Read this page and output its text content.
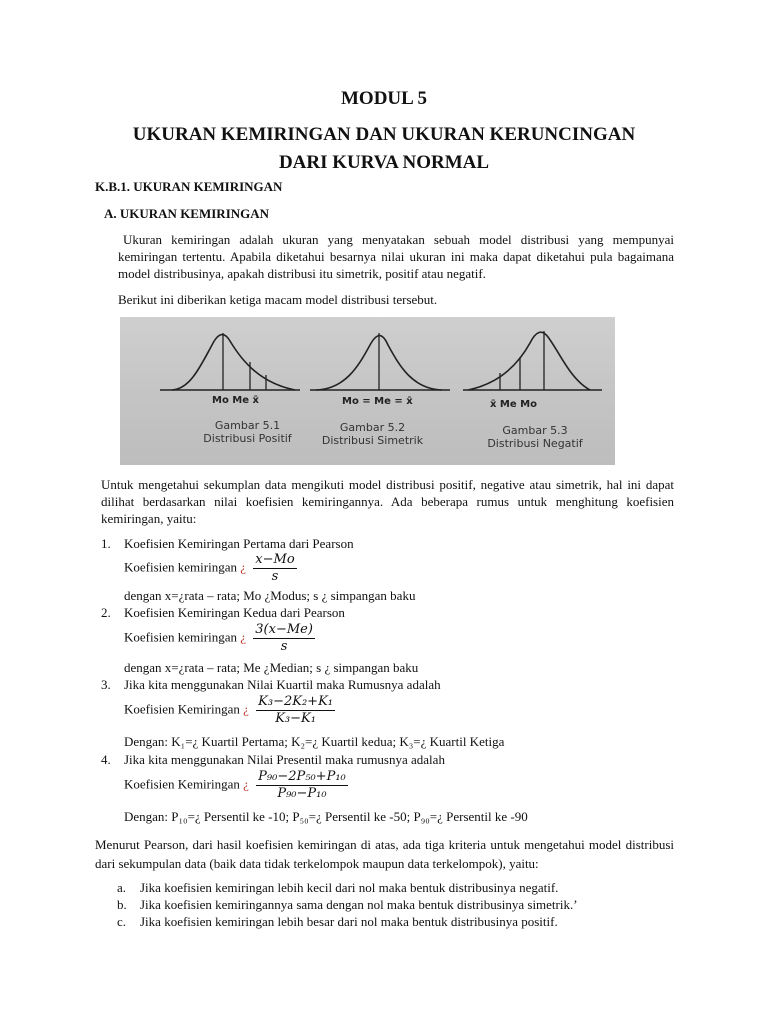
MODUL 5
UKURAN KEMIRINGAN DAN UKURAN KERUNCINGAN
DARI KURVA NORMAL
K.B.1. UKURAN KEMIRINGAN
A. UKURAN KEMIRINGAN
Ukuran kemiringan adalah ukuran yang menyatakan sebuah model distribusi yang mempunyai kemiringan tertentu. Apabila diketahui besarnya nilai ukuran ini maka dapat diketahui pula bagaimana model distribusinya, apakah distribusi itu simetrik, positif atau negatif.
Berikut ini diberikan ketiga macam model distribusi tersebut.
Mo Me x̄	Mo = Me = x̄	x̄ Me Mo
Gambar 5.1
Distribusi Positif
Gambar 5.2
Distribusi Simetrik
Gambar 5.3
Distribusi Negatif
Untuk mengetahui sekumplan data mengikuti model distribusi positif, negative atau simetrik, hal ini dapat dilihat berdasarkan nilai koefisien kemiringannya. Ada beberapa rumus untuk menghitung koefisien kemiringan, yaitu:
1. Koefisien Kemiringan Pertama dari Pearson
Koefisien kemiringan ¿ $\frac{x-Mo}{s}$
dengan x=¿rata – rata; Mo ¿Modus; s ¿ simpangan baku
2. Koefisien Kemiringan Kedua dari Pearson
Koefisien kemiringan ¿ $\frac{3(x-Me)}{s}$
dengan x=¿rata – rata; Me ¿Median; s ¿ simpangan baku
3. Jika kita menggunakan Nilai Kuartil maka Rumusnya adalah
Koefisien Kemiringan ¿ $\frac{\text{K₃−2K₂+K₁}}{\text{K₃−K₁}}$
Dengan: K₁=¿ Kuartil Pertama; K₂=¿ Kuartil kedua; K₃=¿ Kuartil Ketiga
4. Jika kita menggunakan Nilai Presentil maka rumusnya adalah
Koefisien Kemiringan ¿ $\frac{\text{P₉₀−2P₅₀+P₁₀}}{\text{P₉₀−P₁₀}}$
Dengan: P₁₀=¿ Persentil ke -10; P₅₀=¿ Persentil ke -50; P₉₀=¿ Persentil ke -90
Menurut Pearson, dari hasil koefisien kemiringan di atas, ada tiga kriteria untuk mengetahui model distribusi dari sekumpulan data (baik data tidak terkelompok maupun data terkelompok), yaitu:
a. Jika koefisien kemiringan lebih kecil dari nol maka bentuk distribusinya negatif.
b. Jika koefisien kemiringannya sama dengan nol maka bentuk distribusinya simetrik.’
c. Jika koefisien kemiringan lebih besar dari nol maka bentuk distribusinya positif.
